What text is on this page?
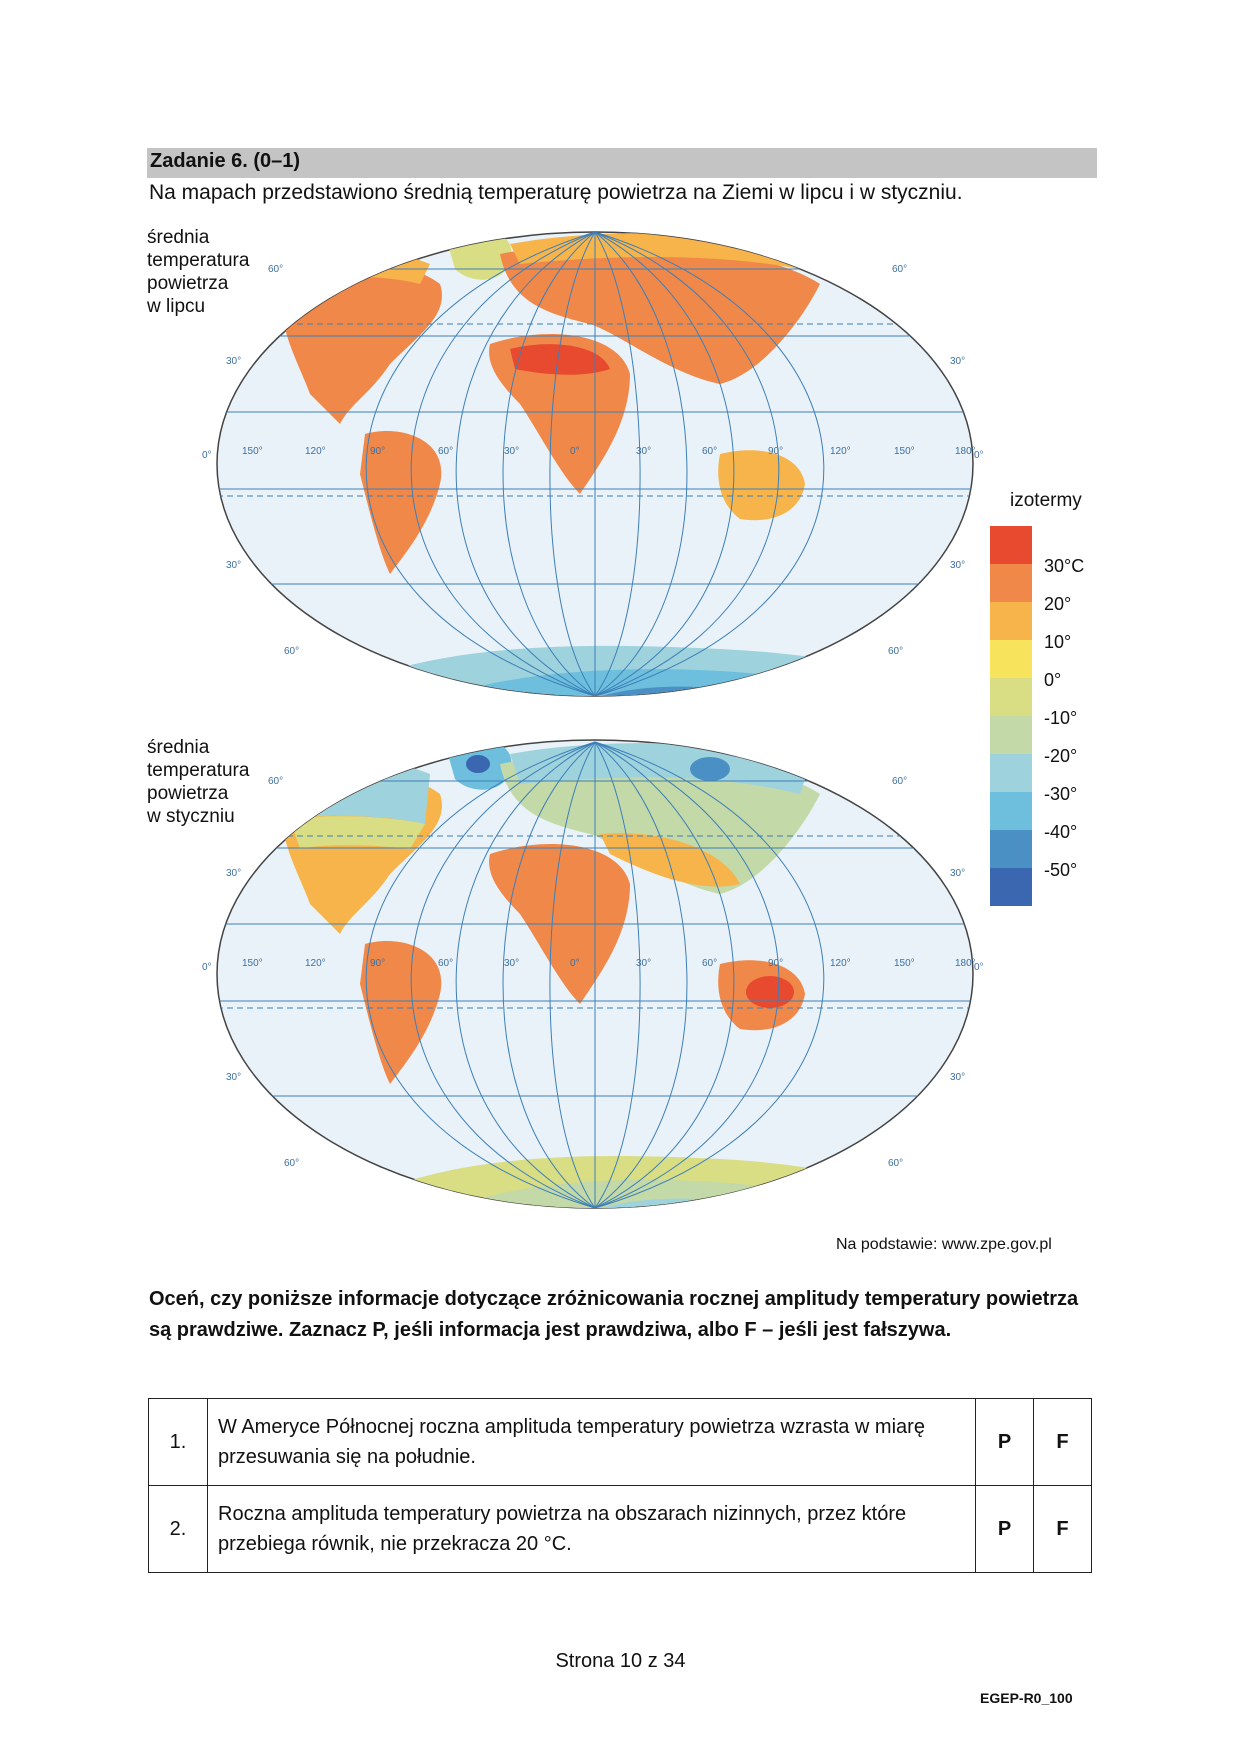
Zadanie 6. (0–1)
Na mapach przedstawiono średnią temperaturę powietrza na Ziemi w lipcu i w styczniu.
średnia
temperatura
powietrza
w lipcu
średnia
temperatura
powietrza
w styczniu
150°	120°	90°	60°	30°	0°	30°	60°	90°	120°	150°	180°
150°	120°	90°	60°	30°	0°	30°	60°	90°	120°	150°	180°
30°	30°
60°	60°
0°	0°
30°	30°
60°	60°
30°	30°
60°	60°
0°	0°
30°	30°
60°	60°
izotermy
30°C
20°
10°
0°
-10°
-20°
-30°
-40°
-50°
Na podstawie: www.zpe.gov.pl
Oceń, czy poniższe informacje dotyczące zróżnicowania rocznej amplitudy temperatury powietrza są prawdziwe. Zaznacz P, jeśli informacja jest prawdziwa, albo F – jeśli jest fałszywa.
1.	W Ameryce Północnej roczna amplituda temperatury powietrza wzrasta w miarę przesuwania się na południe.	P	F
2.	Roczna amplituda temperatury powietrza na obszarach nizinnych, przez które przebiega równik, nie przekracza 20 °C.	P	F
Strona 10 z 34
EGEP-R0_100
